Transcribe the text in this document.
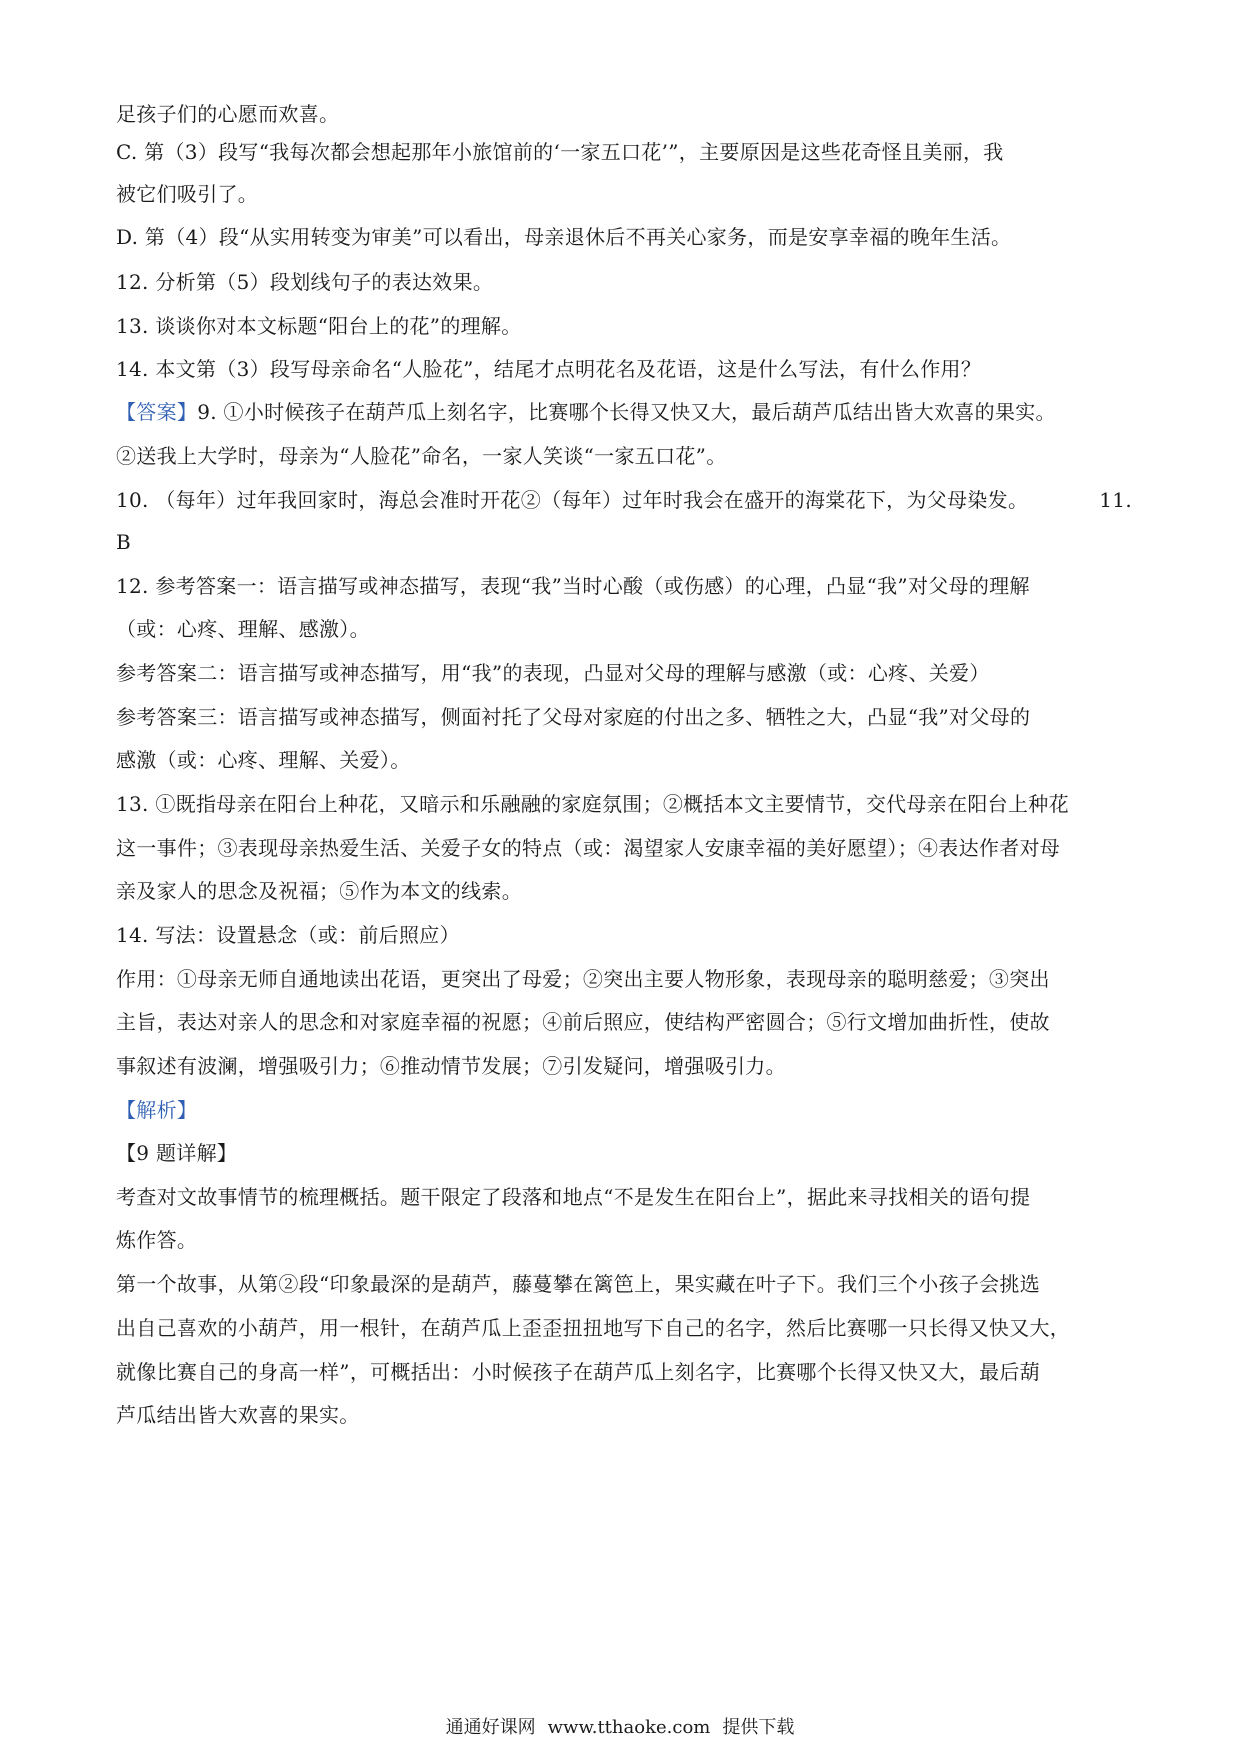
足孩子们的心愿而欢喜。
C. 第（3）段写“我每次都会想起那年小旅馆前的‘一家五口花’”，主要原因是这些花奇怪且美丽，我
被它们吸引了。
D. 第（4）段“从实用转变为审美”可以看出，母亲退休后不再关心家务，而是安享幸福的晚年生活。
12. 分析第（5）段划线句子的表达效果。
13. 谈谈你对本文标题“阳台上的花”的理解。
14. 本文第（3）段写母亲命名“人脸花”，结尾才点明花名及花语，这是什么写法，有什么作用？
【答案】9. ①小时候孩子在葫芦瓜上刻名字，比赛哪个长得又快又大，最后葫芦瓜结出皆大欢喜的果实。
②送我上大学时，母亲为“人脸花”命名，一家人笑谈“一家五口花”。
10. （每年）过年我回家时，海总会准时开花②（每年）过年时我会在盛开的海棠花下，为父母染发。	11.
B
12. 参考答案一：语言描写或神态描写，表现“我”当时心酸（或伤感）的心理，凸显“我”对父母的理解
（或：心疼、理解、感激）。
参考答案二：语言描写或神态描写，用“我”的表现，凸显对父母的理解与感激（或：心疼、关爱）
参考答案三：语言描写或神态描写，侧面衬托了父母对家庭的付出之多、牺牲之大，凸显“我”对父母的
感激（或：心疼、理解、关爱）。
13. ①既指母亲在阳台上种花，又暗示和乐融融的家庭氛围；②概括本文主要情节，交代母亲在阳台上种花
这一事件；③表现母亲热爱生活、关爱子女的特点（或：渴望家人安康幸福的美好愿望）；④表达作者对母
亲及家人的思念及祝福；⑤作为本文的线索。
14. 写法：设置悬念（或：前后照应）
作用：①母亲无师自通地读出花语，更突出了母爱；②突出主要人物形象，表现母亲的聪明慈爱；③突出
主旨，表达对亲人的思念和对家庭幸福的祝愿；④前后照应，使结构严密圆合；⑤行文增加曲折性，使故
事叙述有波澜，增强吸引力；⑥推动情节发展；⑦引发疑问，增强吸引力。
【解析】
【9 题详解】
考查对文故事情节的梳理概括。题干限定了段落和地点“不是发生在阳台上”，据此来寻找相关的语句提
炼作答。
第一个故事，从第②段“印象最深的是葫芦，藤蔓攀在篱笆上，果实藏在叶子下。我们三个小孩子会挑选
出自己喜欢的小葫芦，用一根针，在葫芦瓜上歪歪扭扭地写下自己的名字，然后比赛哪一只长得又快又大，
就像比赛自己的身高一样”，可概括出：小时候孩子在葫芦瓜上刻名字，比赛哪个长得又快又大，最后葫
芦瓜结出皆大欢喜的果实。
通通好课网 www.tthaoke.com 提供下载
